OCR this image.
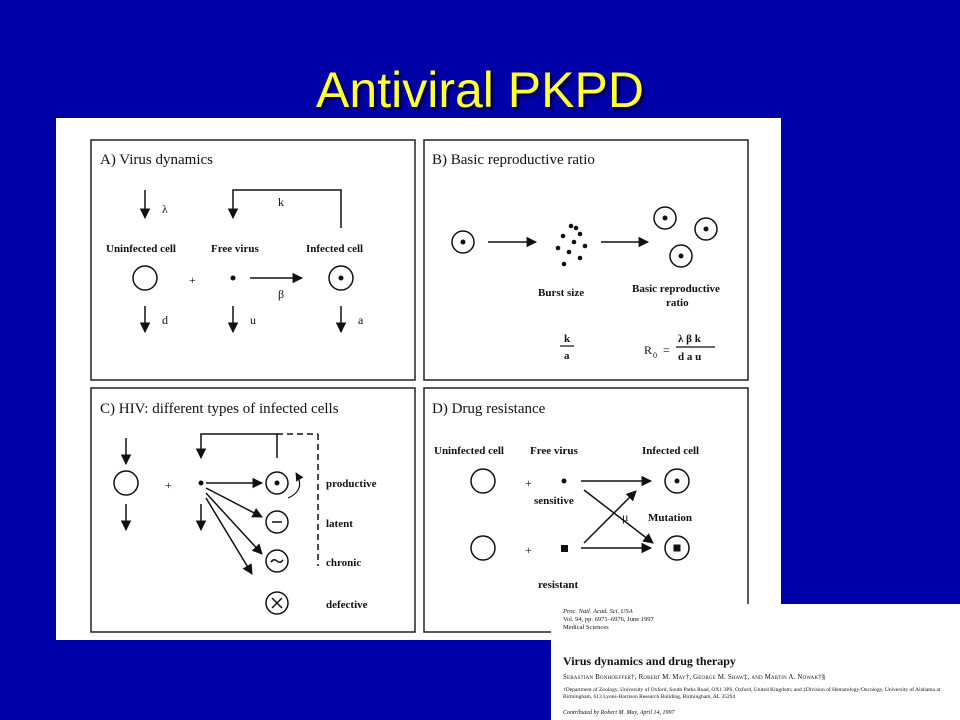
Antiviral PKPD
A) Virus dynamics
λ	k
Uninfected cell	Free virus	Infected cell
+
β
d	u	a
B) Basic reproductive ratio
Burst size	Basic reproductive
ratio
k
a	R 0 =
λ β k
d a u
C) HIV: different types of infected cells
+	productive
latent
chronic
defective
D) Drug resistance
Uninfected cell Free virus	Infected cell
+
sensitive
+
resistant
μ Mutation
Proc. Natl. Acad. Sci. USA
Vol. 94, pp. 6971–6976, June 1997
Medical Sciences
Virus dynamics and drug therapy
Sebastian Bonhoeffer†, Robert M. May†, George M. Shaw‡, and Martin A. Nowak†§
†Department of Zoology, University of Oxford, South Parks Road, OX1 3PS, Oxford, United Kingdom; and ‡Division of Hematology/Oncology, University of Alabama at Birmingham, 613 Lyons-Harrison Research Building, Birmingham, AL 35294
Contributed by Robert M. May, April 14, 1997
